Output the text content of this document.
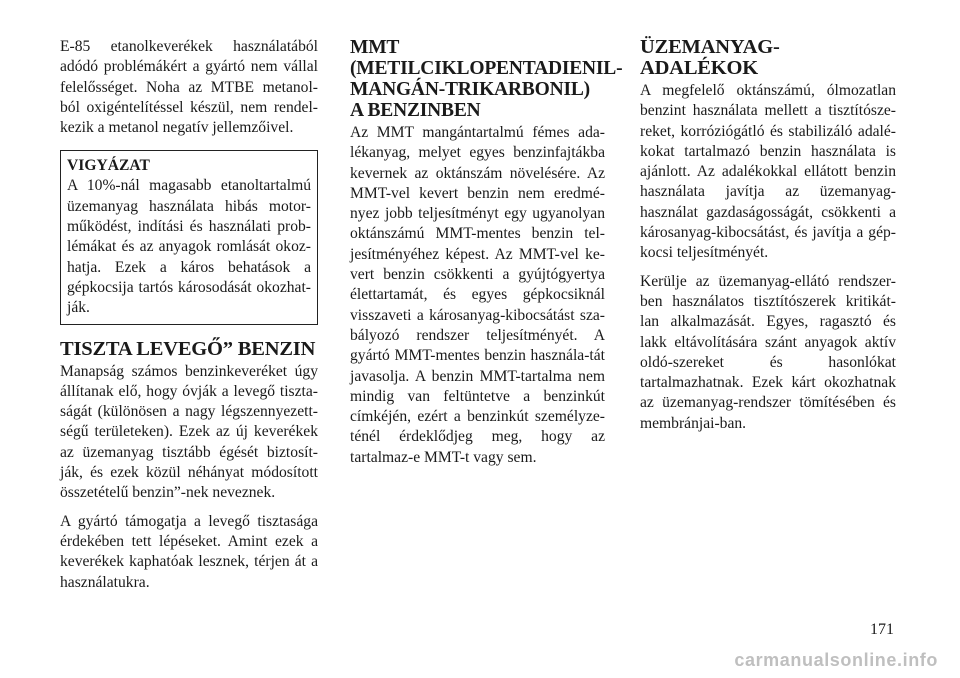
E-85 etanolkeverékek használatából adódó problémákért a gyártó nem vállal felelősséget. Noha az MTBE metanol-ból oxigéntelítéssel készül, nem rendel-kezik a metanol negatív jellemzőivel.

VIGYÁZAT

A 10%-nál magasabb etanoltartalmú üzemanyag használata hibás motor-működést, indítási és használati prob-lémákat és az anyagok romlását okoz-hatja. Ezek a káros behatások a gépkocsija tartós károsodását okozhat-ják.

TISZTA LEVEGŐ” BENZIN

Manapság számos benzinkeveréket úgy állítanak elő, hogy óvják a levegő tiszta-ságát (különösen a nagy légszennyezett-ségű területeken). Ezek az új keverékek az üzemanyag tisztább égését biztosít-ják, és ezek közül néhányat módosított összetételű benzin”-nek neveznek.

A gyártó támogatja a levegő tisztasága érdekében tett lépéseket. Amint ezek a keverékek kaphatóak lesznek, térjen át a használatukra.

MMT (METILCIKLOPENTADIENIL-MANGÁN-TRIKARBONIL) A BENZINBEN

Az MMT mangántartalmú fémes ada-lékanyag, melyet egyes benzinfajtákba kevernek az oktánszám növelésére. Az MMT-vel kevert benzin nem eredmé-nyez jobb teljesítményt egy ugyanolyan oktánszámú MMT-mentes benzin tel-jesítményéhez képest. Az MMT-vel ke-vert benzin csökkenti a gyújtógyertya élettartamát, és egyes gépkocsiknál visszaveti a károsanyag-kibocsátást sza-bályozó rendszer teljesítményét. A gyártó MMT-mentes benzin használa-tát javasolja. A benzin MMT-tartalma nem mindig van feltüntetve a benzinkút címkéjén, ezért a benzinkút személyze-ténél érdeklődjeg meg, hogy az tartalmaz-e MMT-t vagy sem.

ÜZEMANYAG-ADALÉKOK

A megfelelő oktánszámú, ólmozatlan benzint használata mellett a tisztítósze-reket, korróziógátló és stabilizáló adalé-kokat tartalmazó benzin használata is ajánlott. Az adalékokkal ellátott benzin használata javítja az üzemanyag-használat gazdaságosságát, csökkenti a károsanyag-kibocsátást, és javítja a gép-kocsi teljesítményét.

Kerülje az üzemanyag-ellátó rendszer-ben használatos tisztítószerek kritikát-lan alkalmazását. Egyes, ragasztó és lakk eltávolítására szánt anyagok aktív oldó-szereket és hasonlókat tartalmazhatnak. Ezek kárt okozhatnak az üzemanyag-rendszer tömítésében és membránjai-ban.

171
carmanualsonline.info
